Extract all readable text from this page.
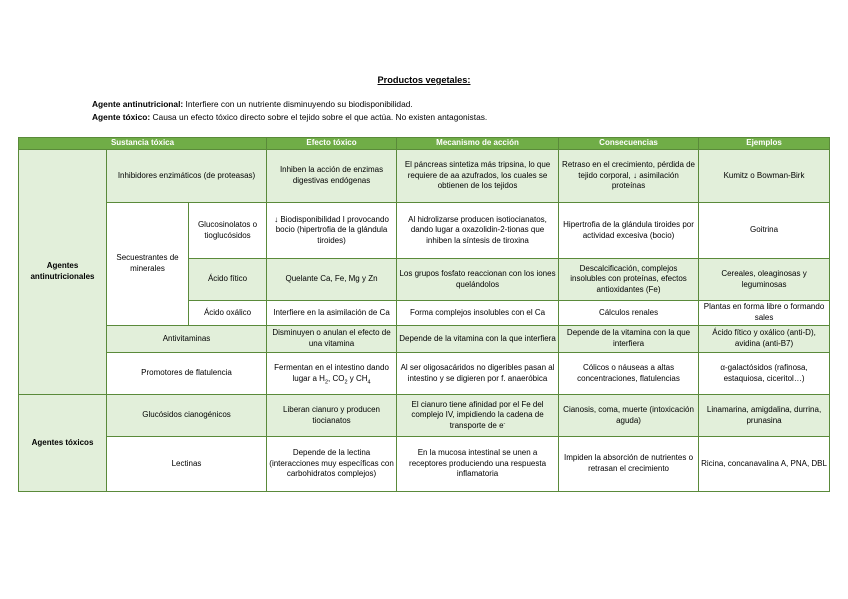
Productos vegetales:
Agente antinutricional: Interfiere con un nutriente disminuyendo su biodisponibilidad.
Agente tóxico: Causa un efecto tóxico directo sobre el tejido sobre el que actúa. No existen antagonistas.
Sustancia tóxica			Efecto tóxico	Mecanismo de acción	Consecuencias	Ejemplos
Agentes antinutricionales	Inhibidores enzimáticos (de proteasas)		Inhiben la acción de enzimas digestivas endógenas	El páncreas sintetiza más tripsina, lo que requiere de aa azufrados, los cuales se obtienen de los tejidos	Retraso en el crecimiento, pérdida de tejido corporal, ↓ asimilación proteínas	Kumitz o Bowman-Birk
	Secuestrantes de minerales	Glucosinolatos o tioglucósidos	↓ Biodisponibilidad I provocando bocio (hipertrofia de la glándula tiroides)	Al hidrolizarse producen isotiocianatos, dando lugar a oxazolidin-2-tionas que inhiben la síntesis de tiroxina	Hipertrofia de la glándula tiroides por actividad excesiva (bocio)	Goitrina
		Ácido fítico	Quelante Ca, Fe, Mg y Zn	Los grupos fosfato reaccionan con los iones quelándolos	Descalcificación, complejos insolubles con proteínas, efectos antioxidantes (Fe)	Cereales, oleaginosas y leguminosas
		Ácido oxálico	Interfiere en la asimilación de Ca	Forma complejos insolubles con el Ca	Cálculos renales	Plantas en forma libre o formando sales
	Antivitaminas		Disminuyen o anulan el efecto de una vitamina	Depende de la vitamina con la que interfiera	Depende de la vitamina con la que interfiera	Ácido fítico y oxálico (anti-D), avidina (anti-B7)
	Promotores de flatulencia		Fermentan en el intestino dando lugar a $H_2$, $CO_2$ y $CH_4$	Al ser oligosacáridos no digeribles pasan al intestino y se digieren por f. anaeróbica	Cólicos o náuseas a altas concentraciones, flatulencias	α-galactósidos (rafinosa, estaquiosa, ciceritol…)
Agentes tóxicos	Glucósidos cianogénicos		Liberan cianuro y producen tiocianatos	El cianuro tiene afinidad por el Fe del complejo IV, impidiendo la cadena de transporte de e-	Cianosis, coma, muerte (intoxicación aguda)	Linamarina, amigdalina, durrina, prunasina
	Lectinas		Depende de la lectina (interacciones muy específicas con carbohidratos complejos)	En la mucosa intestinal se unen a receptores produciendo una respuesta inflamatoria	Impiden la absorción de nutrientes o retrasan el crecimiento	Ricina, concanavalina A, PNA, DBL
